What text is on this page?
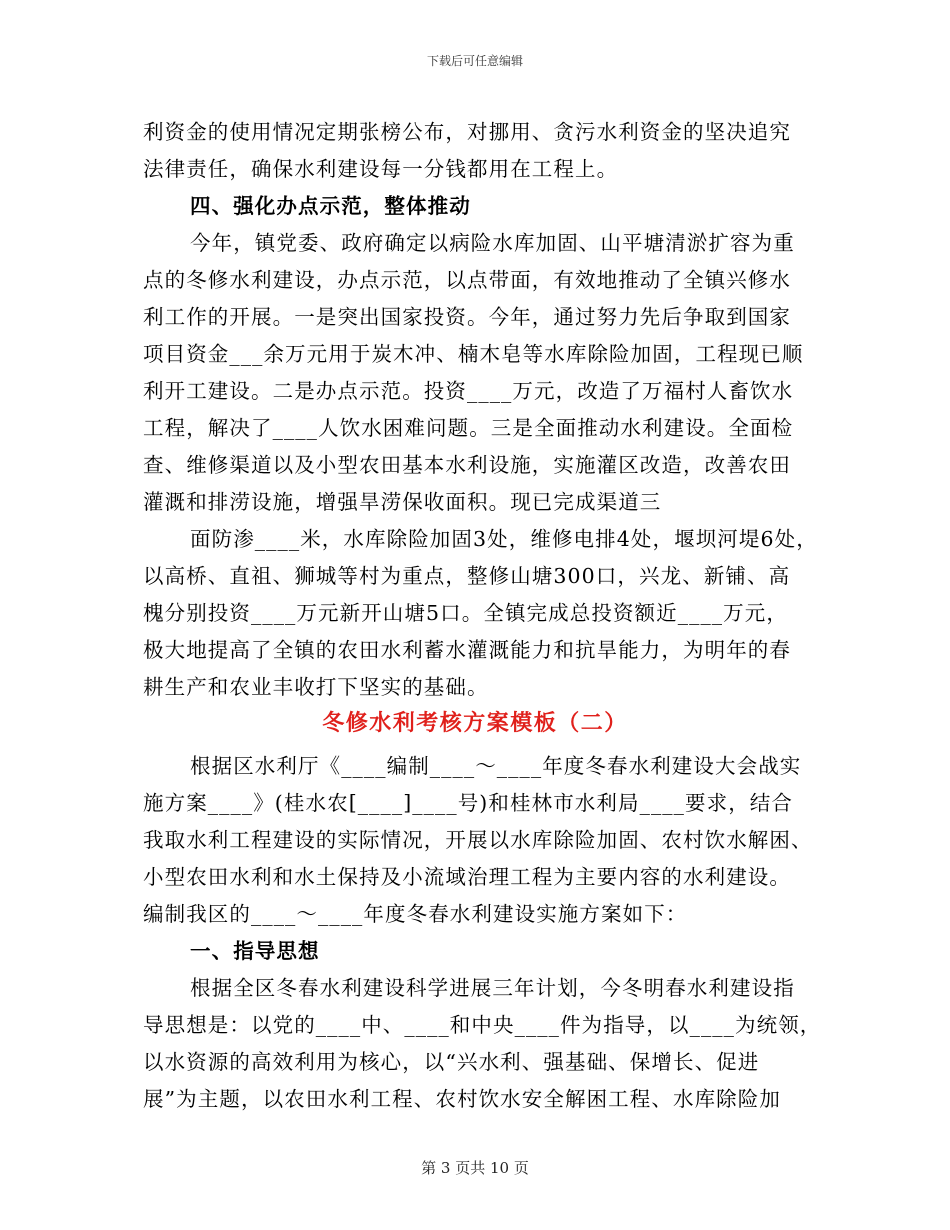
下载后可任意编辑
利资金的使用情况定期张榜公布，对挪用、贪污水利资金的坚决追究
法律责任，确保水利建设每一分钱都用在工程上。
四、强化办点示范，整体推动
今年，镇党委、政府确定以病险水库加固、山平塘清淤扩容为重
点的冬修水利建设，办点示范，以点带面，有效地推动了全镇兴修水
利工作的开展。一是突出国家投资。今年，通过努力先后争取到国家
项目资金___余万元用于炭木冲、楠木皂等水库除险加固，工程现已顺
利开工建设。二是办点示范。投资____万元，改造了万福村人畜饮水
工程，解决了____人饮水困难问题。三是全面推动水利建设。全面检
查、维修渠道以及小型农田基本水利设施，实施灌区改造，改善农田
灌溉和排涝设施，增强旱涝保收面积。现已完成渠道三
面防渗____米，水库除险加固3处，维修电排4处，堰坝河堤6处，
以高桥、直祖、狮城等村为重点，整修山塘300口，兴龙、新铺、高
槐分别投资____万元新开山塘5口。全镇完成总投资额近____万元，
极大地提高了全镇的农田水利蓄水灌溉能力和抗旱能力，为明年的春
耕生产和农业丰收打下坚实的基础。
冬修水利考核方案模板（二）
根据区水利厅《____编制____～____年度冬春水利建设大会战实
施方案____》(桂水农[____]____号)和桂林市水利局____要求，结合
我取水利工程建设的实际情况，开展以水库除险加固、农村饮水解困、
小型农田水利和水土保持及小流域治理工程为主要内容的水利建设。
编制我区的____～____年度冬春水利建设实施方案如下：
一、指导思想
根据全区冬春水利建设科学进展三年计划，今冬明春水利建设指
导思想是：以党的____中、____和中央____件为指导，以____为统领，
以水资源的高效利用为核心，以“兴水利、强基础、保增长、促进
展”为主题，以农田水利工程、农村饮水安全解困工程、水库除险加
第 3 页共 10 页
